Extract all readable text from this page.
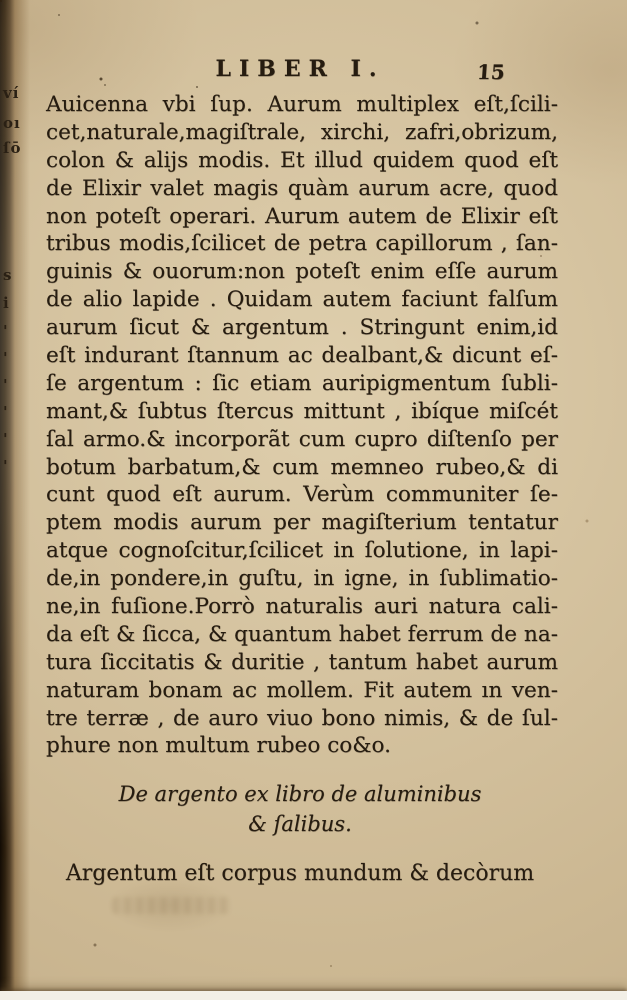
LIBER I.	15
Auicenna vbi ſup. Aurum multiplex eſt,ſcili-
cet,naturale,magiſtrale, xirchi, zafri,obrizum,
colon & alijs modis. Et illud quidem quod eſt
de Elixir valet magis quàm aurum acre, quod
non poteſt operari. Aurum autem de Elixir eſt
tribus modis,ſcilicet de petra capillorum , ſan-
guinis & ouorum:non poteſt enim eſſe aurum
de alio lapide . Quidam autem faciunt falſum
aurum ſicut & argentum . Stringunt enim,id
eſt indurant ſtannum ac dealbant,& dicunt eſ-
ſe argentum : ſic etiam auripigmentum ſubli-
mant,& ſubtus ſtercus mittunt , ibíque miſcét
ſal armo.& incorporãt cum cupro diſtenſo per
botum barbatum,& cum memneo rubeo,& di
cunt quod eſt aurum. Verùm communiter ſe-
ptem modis aurum per magiſterium tentatur
atque cognoſcitur,ſcilicet in ſolutione, in lapi-
de,in pondere,in guſtu, in igne, in ſublimatio-
ne,in fuſione.Porrò naturalis auri natura cali-
da eſt & ſicca, & quantum habet ferrum de na-
tura ſiccitatis & duritie , tantum habet aurum
naturam bonam ac mollem. Fit autem ın ven-
tre terræ , de auro viuo bono nimis, & de ſul-
phure non multum rubeo co&o.
De argento ex libro de aluminibus
& ſalibus.
Argentum eſt corpus mundum & decòrum
ví
oı
ſō
s
i
'
'
'
'
'
'
